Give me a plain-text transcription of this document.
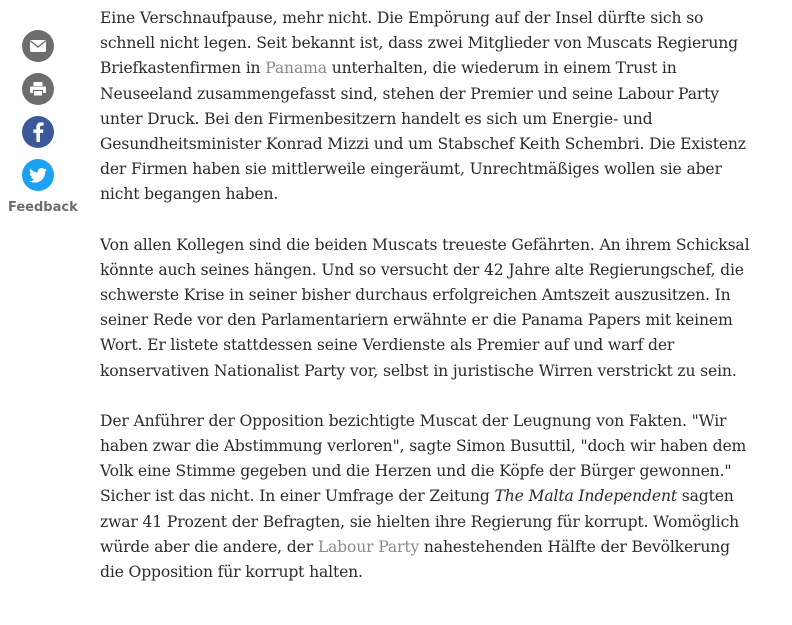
Feedback

Eine Verschnaufpause, mehr nicht. Die Empörung auf der Insel dürfte sich so schnell nicht legen. Seit bekannt ist, dass zwei Mitglieder von Muscats Regierung Briefkastenfirmen in Panama unterhalten, die wiederum in einem Trust in Neuseeland zusammengefasst sind, stehen der Premier und seine Labour Party unter Druck. Bei den Firmenbesitzern handelt es sich um Energie- und Gesundheitsminister Konrad Mizzi und um Stabschef Keith Schembri. Die Existenz der Firmen haben sie mittlerweile eingeräumt, Unrechtmäßiges wollen sie aber nicht begangen haben.

Von allen Kollegen sind die beiden Muscats treueste Gefährten. An ihrem Schicksal könnte auch seines hängen. Und so versucht der 42 Jahre alte Regierungschef, die schwerste Krise in seiner bisher durchaus erfolgreichen Amtszeit auszusitzen. In seiner Rede vor den Parlamentariern erwähnte er die Panama Papers mit keinem Wort. Er listete stattdessen seine Verdienste als Premier auf und warf der konservativen Nationalist Party vor, selbst in juristische Wirren verstrickt zu sein.

Der Anführer der Opposition bezichtigte Muscat der Leugnung von Fakten. "Wir haben zwar die Abstimmung verloren", sagte Simon Busuttil, "doch wir haben dem Volk eine Stimme gegeben und die Herzen und die Köpfe der Bürger gewonnen." Sicher ist das nicht. In einer Umfrage der Zeitung The Malta Independent sagten zwar 41 Prozent der Befragten, sie hielten ihre Regierung für korrupt. Womöglich würde aber die andere, der Labour Party nahestehenden Hälfte der Bevölkerung die Opposition für korrupt halten.
